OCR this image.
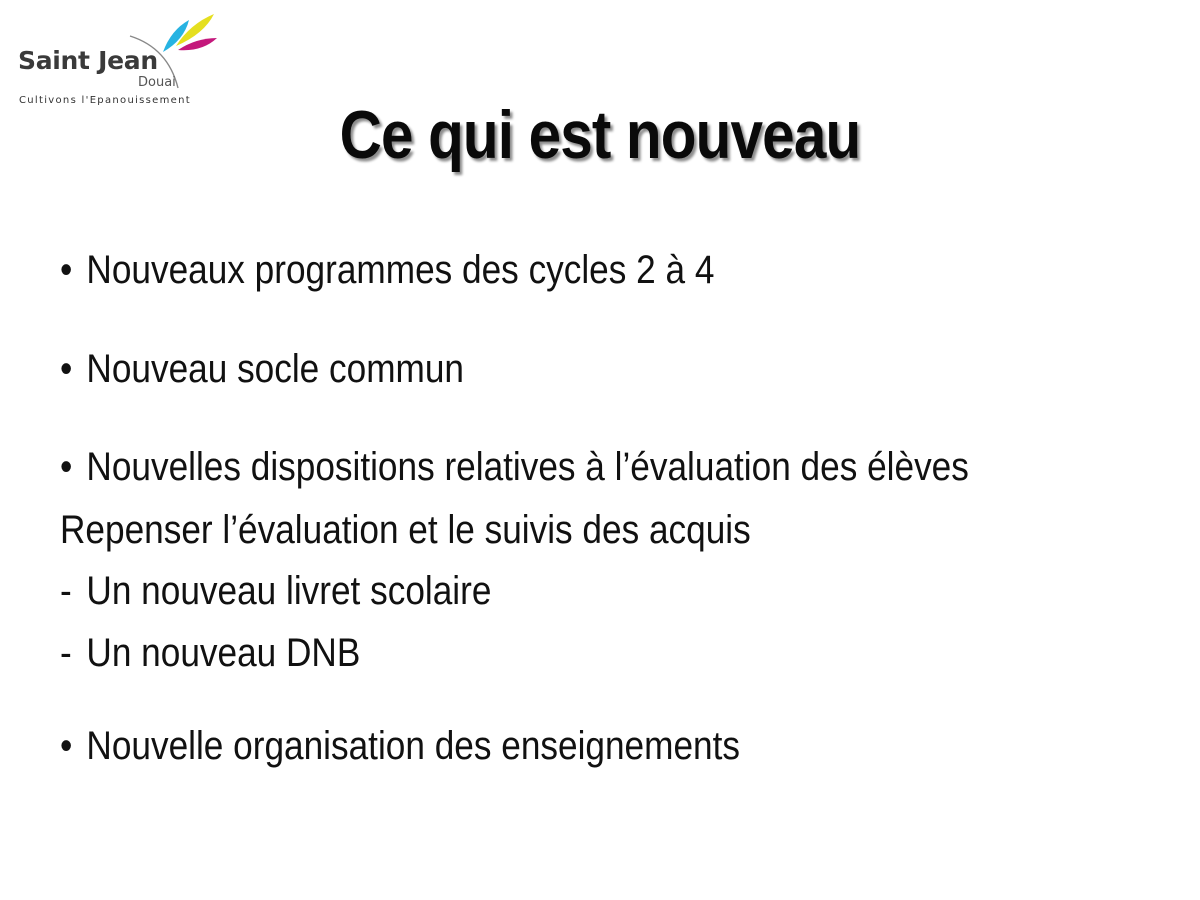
Saint Jean
Douai
Cultivons l'Epanouissement	Ce qui est nouveau
• Nouveaux programmes des cycles 2 à 4
• Nouveau socle commun
• Nouvelles dispositions relatives à l’évaluation des élèves
Repenser l’évaluation et le suivis des acquis
- Un nouveau livret scolaire
- Un nouveau DNB
• Nouvelle organisation des enseignements
